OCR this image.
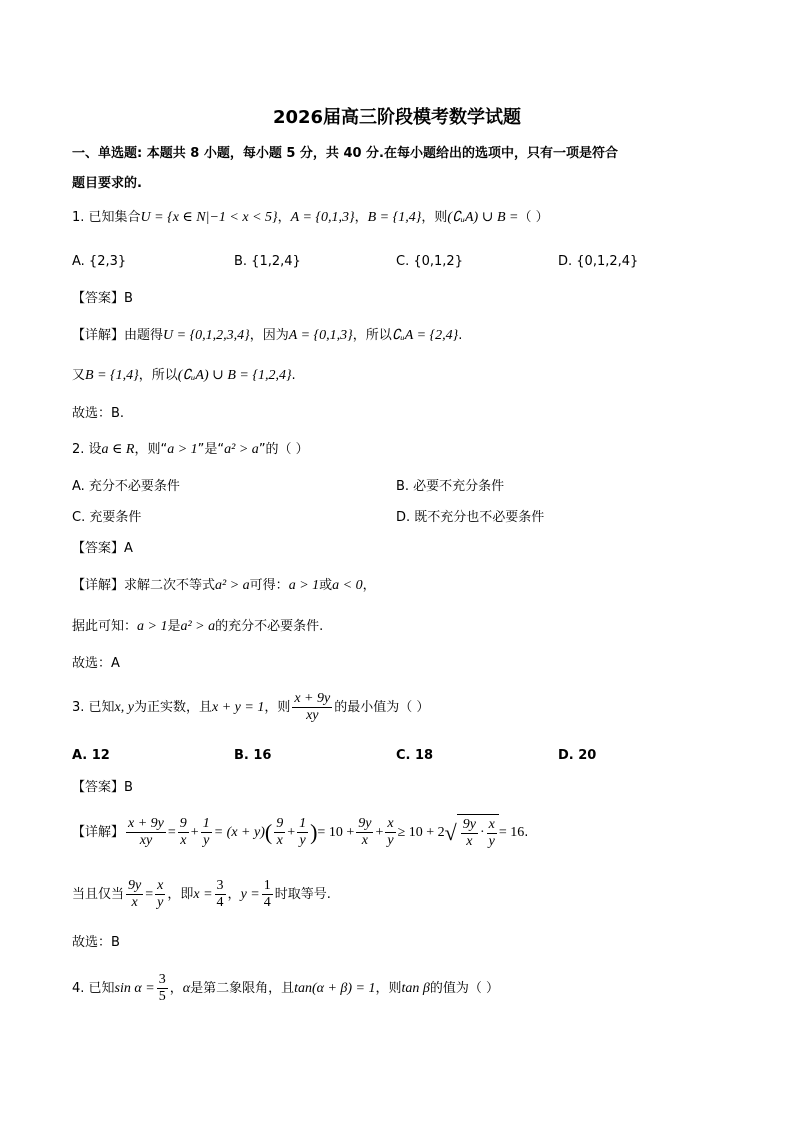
2026届高三阶段模考数学试题
一、单选题: 本题共 8 小题，每小题 5 分，共 40 分.在每小题给出的选项中，只有一项是符合
题目要求的.
1. 已知集合U = {x ∈ N|−1 < x < 5}，A = {0,1,3}，B = {1,4}，则(∁ᵤA) ∪ B =（ ）
A. {2,3}	B. {1,2,4}	C. {0,1,2}	D. {0,1,2,4}
【答案】B
【详解】由题得U = {0,1,2,3,4}，因为A = {0,1,3}，所以∁ᵤA = {2,4}.
又B = {1,4}，所以(∁ᵤA) ∪ B = {1,2,4}.
故选：B.
2. 设a ∈ R，则“a > 1”是“a² > a”的（ ）
A. 充分不必要条件	B. 必要不充分条件
C. 充要条件	D. 既不充分也不必要条件
【答案】A
【详解】求解二次不等式a² > a可得：a > 1或a < 0，
据此可知：a > 1是a² > a的充分不必要条件.
故选：A
3. 已知x, y为正实数，且x + y = 1，则 $\frac{x + 9y}{xy}$ 的最小值为（ ）
A. 12	B. 16	C. 18	D. 20
【答案】B
【详解】 $\frac{x + 9y}{xy} = \frac{9}{x} + \frac{1}{y} = (x + y)( \frac{9}{x} + \frac{1}{y}$ )= $10 + \frac{9y}{x} + \frac{x}{y} \ge 10 + 2$ √ $\frac{9y}{x} \cdot \frac{x}{y} = 16$.
当且仅当 $\frac{9y}{x} = \frac{x}{y}$ ，即$x = \frac{3}{4}$ ，$y = \frac{1}{4}$ 时取等号.
故选：B
4. 已知$\sin \alpha = \frac{3}{5}$ ，α是第二象限角，且tan(α + β) = 1，则tan β的值为（ ）
